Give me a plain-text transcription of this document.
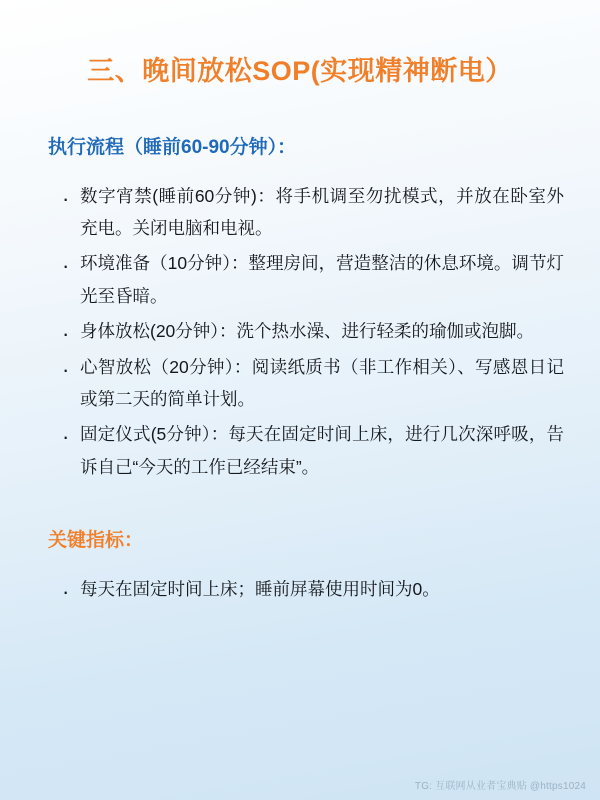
三、晚间放松SOP(实现精神断电）
执行流程（睡前60-90分钟）：
· 数字宵禁(睡前60分钟)：将手机调至勿扰模式，并放在卧室外充电。关闭电脑和电视。
· 环境准备（10分钟）：整理房间，营造整洁的休息环境。调节灯光至昏暗。
· 身体放松(20分钟）：洗个热水澡、进行轻柔的瑜伽或泡脚。
· 心智放松（20分钟）：阅读纸质书（非工作相关）、写感恩日记或第二天的简单计划。
· 固定仪式(5分钟）：每天在固定时间上床，进行几次深呼吸，告诉自己“今天的工作已经结束”。
关键指标：
· 每天在固定时间上床；睡前屏幕使用时间为0。
TG: 互联网从业者宝典贴 @https1024
